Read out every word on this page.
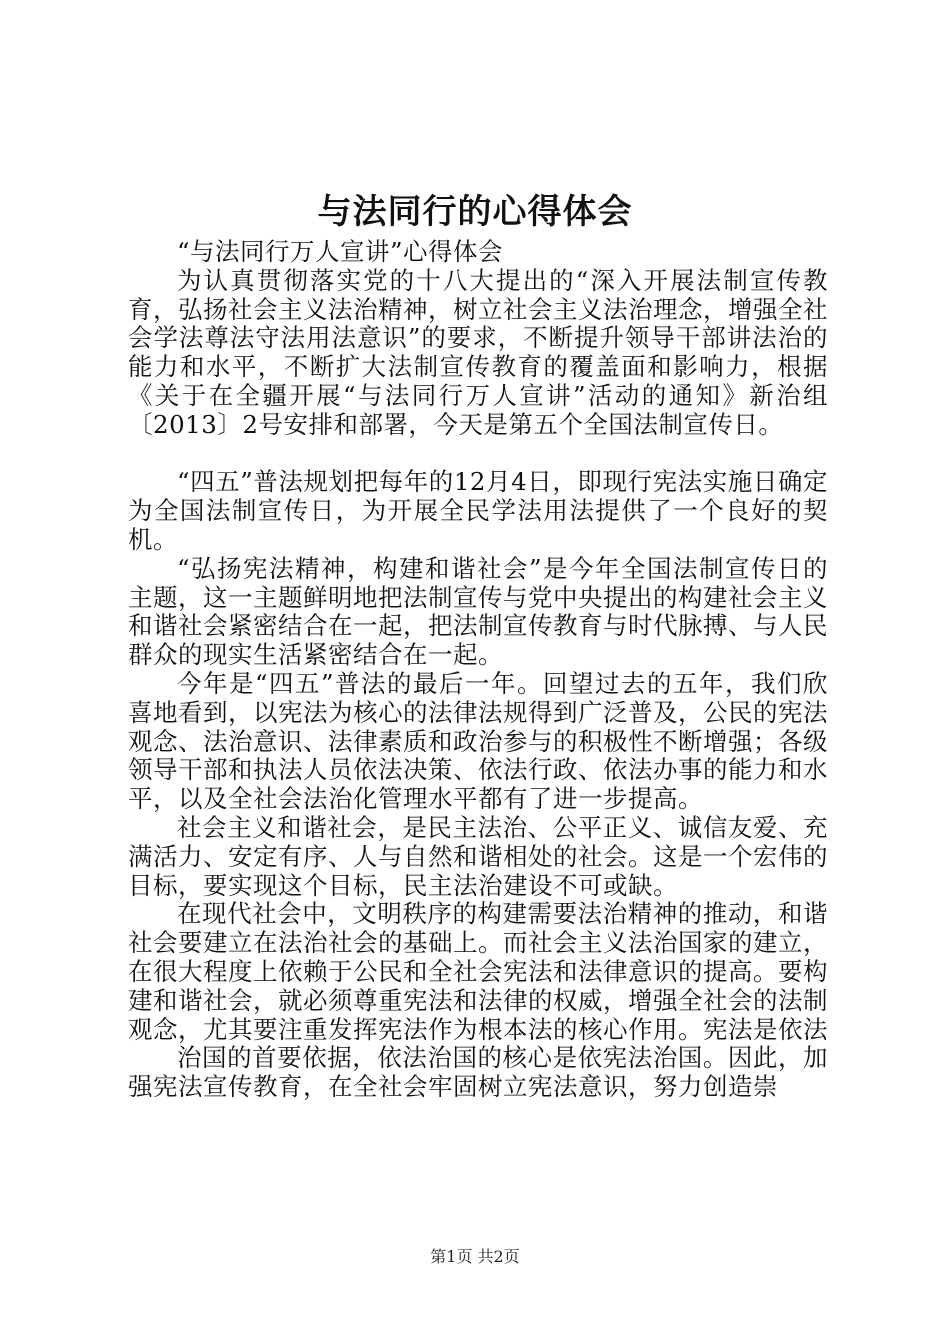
与法同行的心得体会

“与法同行万人宣讲”心得体会

为认真贯彻落实党的十八大提出的“深入开展法制宣传教育，弘扬社会主义法治精神，树立社会主义法治理念，增强全社会学法尊法守法用法意识”的要求，不断提升领导干部讲法治的能力和水平，不断扩大法制宣传教育的覆盖面和影响力，根据《关于在全疆开展“与法同行万人宣讲”活动的通知》新治组〔2013〕2号安排和部署，今天是第五个全国法制宣传日。

“四五”普法规划把每年的12月4日，即现行宪法实施日确定为全国法制宣传日，为开展全民学法用法提供了一个良好的契机。

“弘扬宪法精神，构建和谐社会”是今年全国法制宣传日的主题，这一主题鲜明地把法制宣传与党中央提出的构建社会主义和谐社会紧密结合在一起，把法制宣传教育与时代脉搏、与人民群众的现实生活紧密结合在一起。

今年是“四五”普法的最后一年。回望过去的五年，我们欣喜地看到，以宪法为核心的法律法规得到广泛普及，公民的宪法观念、法治意识、法律素质和政治参与的积极性不断增强；各级领导干部和执法人员依法决策、依法行政、依法办事的能力和水平，以及全社会法治化管理水平都有了进一步提高。

社会主义和谐社会，是民主法治、公平正义、诚信友爱、充满活力、安定有序、人与自然和谐相处的社会。这是一个宏伟的目标，要实现这个目标，民主法治建设不可或缺。

在现代社会中，文明秩序的构建需要法治精神的推动，和谐社会要建立在法治社会的基础上。而社会主义法治国家的建立，在很大程度上依赖于公民和全社会宪法和法律意识的提高。要构建和谐社会，就必须尊重宪法和法律的权威，增强全社会的法制观念，尤其要注重发挥宪法作为根本法的核心作用。宪法是依法

治国的首要依据，依法治国的核心是依宪法治国。因此，加强宪法宣传教育，在全社会牢固树立宪法意识，努力创造崇

第1页 共2页
